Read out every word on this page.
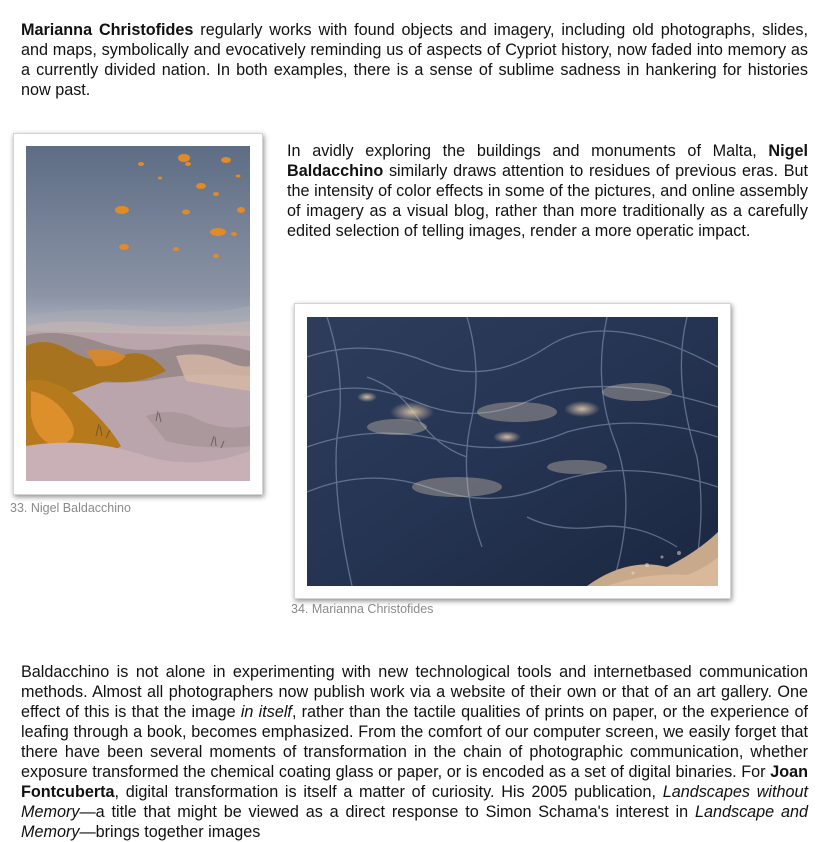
Marianna Christofides regularly works with found objects and imagery, including old photographs, slides, and maps, symbolically and evocatively reminding us of aspects of Cypriot history, now faded into memory as a currently divided nation. In both examples, there is a sense of sublime sadness in hankering for histories now past.

33. Nigel Baldacchino

In avidly exploring the buildings and monuments of Malta, Nigel Baldacchino similarly draws attention to residues of previous eras. But the intensity of color effects in some of the pictures, and online assembly of imagery as a visual blog, rather than more traditionally as a carefully edited selection of telling images, render a more operatic impact.

34. Marianna Christofides

Baldacchino is not alone in experimenting with new technological tools and internetbased communication methods. Almost all photographers now publish work via a website of their own or that of an art gallery. One effect of this is that the image in itself, rather than the tactile qualities of prints on paper, or the experience of leafing through a book, becomes emphasized. From the comfort of our computer screen, we easily forget that there have been several moments of transformation in the chain of photographic communication, whether exposure transformed the chemical coating glass or paper, or is encoded as a set of digital binaries. For Joan Fontcuberta, digital transformation is itself a matter of curiosity. His 2005 publication, Landscapes without Memory—a title that might be viewed as a direct response to Simon Schama's interest in Landscape and Memory—brings together images
